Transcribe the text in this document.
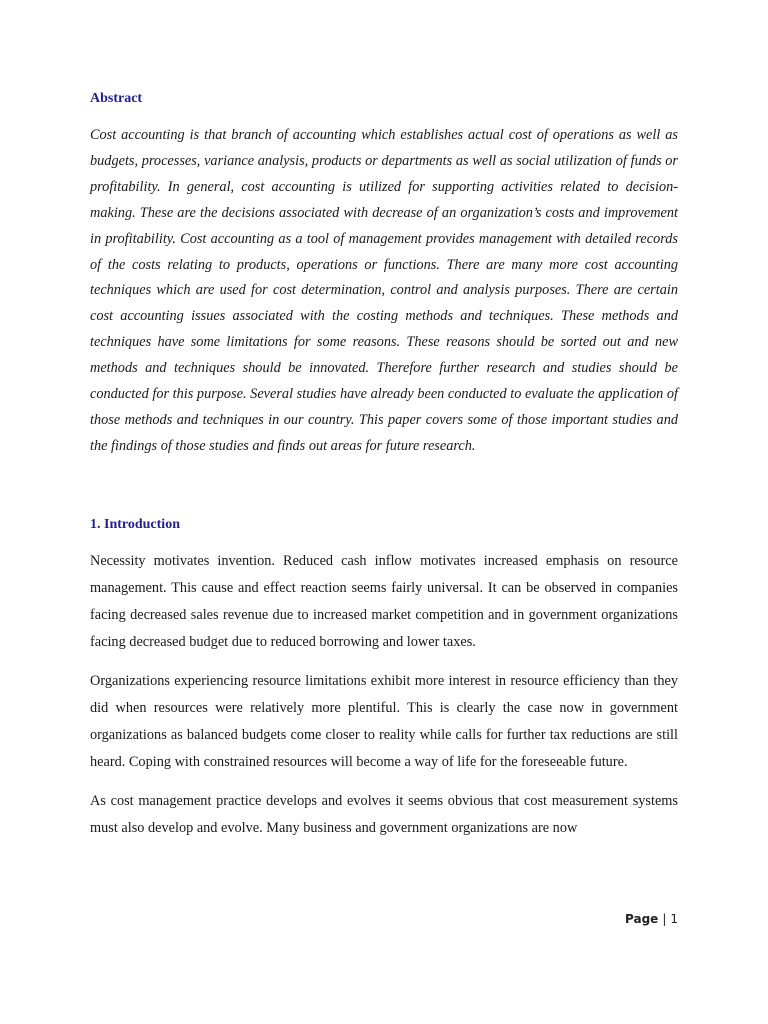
Abstract

Cost accounting is that branch of accounting which establishes actual cost of operations as well as budgets, processes, variance analysis, products or departments as well as social utilization of funds or profitability. In general, cost accounting is utilized for supporting activities related to decision-making. These are the decisions associated with decrease of an organization’s costs and improvement in profitability. Cost accounting as a tool of management provides management with detailed records of the costs relating to products, operations or functions. There are many more cost accounting techniques which are used for cost determination, control and analysis purposes. There are certain cost accounting issues associated with the costing methods and techniques. These methods and techniques have some limitations for some reasons. These reasons should be sorted out and new methods and techniques should be innovated. Therefore further research and studies should be conducted for this purpose. Several studies have already been conducted to evaluate the application of those methods and techniques in our country. This paper covers some of those important studies and the findings of those studies and finds out areas for future research.

1. Introduction

Necessity motivates invention. Reduced cash inflow motivates increased emphasis on resource management. This cause and effect reaction seems fairly universal. It can be observed in companies facing decreased sales revenue due to increased market competition and in government organizations facing decreased budget due to reduced borrowing and lower taxes.

Organizations experiencing resource limitations exhibit more interest in resource efficiency than they did when resources were relatively more plentiful. This is clearly the case now in government organizations as balanced budgets come closer to reality while calls for further tax reductions are still heard. Coping with constrained resources will become a way of life for the foreseeable future.

As cost management practice develops and evolves it seems obvious that cost measurement systems must also develop and evolve. Many business and government organizations are now

Page | 1
